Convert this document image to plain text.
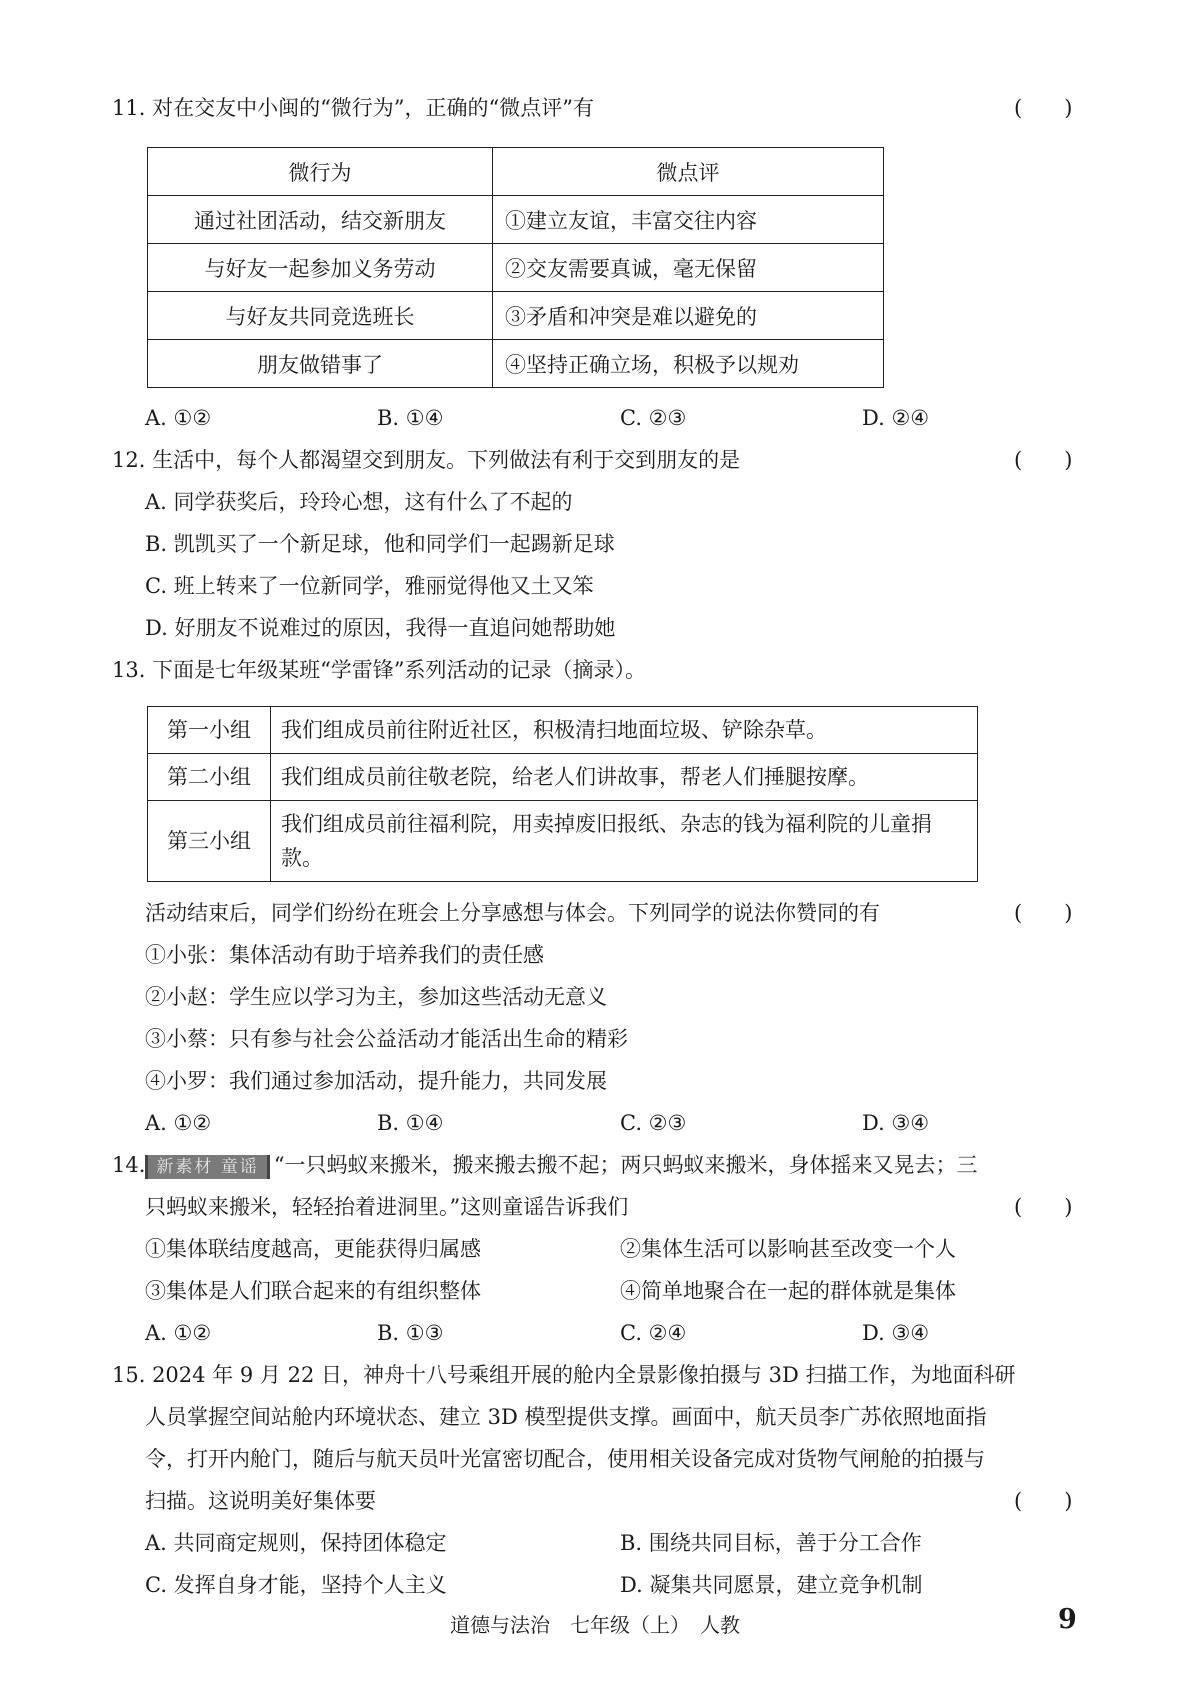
11. 对在交友中小闽的“微行为”，正确的“微点评”有	(　　)
微行为	微点评
通过社团活动，结交新朋友	①建立友谊，丰富交往内容
与好友一起参加义务劳动	②交友需要真诚，毫无保留
与好友共同竞选班长	③矛盾和冲突是难以避免的
朋友做错事了	④坚持正确立场，积极予以规劝
A. ①②	B. ①④	C. ②③	D. ②④
12. 生活中，每个人都渴望交到朋友。下列做法有利于交到朋友的是	(　　)
A. 同学获奖后，玲玲心想，这有什么了不起的
B. 凯凯买了一个新足球，他和同学们一起踢新足球
C. 班上转来了一位新同学，雅丽觉得他又土又笨
D. 好朋友不说难过的原因，我得一直追问她帮助她
13. 下面是七年级某班“学雷锋”系列活动的记录（摘录）。
第一小组	我们组成员前往附近社区，积极清扫地面垃圾、铲除杂草。
第二小组	我们组成员前往敬老院，给老人们讲故事，帮老人们捶腿按摩。
第三小组	我们组成员前往福利院，用卖掉废旧报纸、杂志的钱为福利院的儿童捐款。
活动结束后，同学们纷纷在班会上分享感想与体会。下列同学的说法你赞同的有	(　　)
①小张：集体活动有助于培养我们的责任感
②小赵：学生应以学习为主，参加这些活动无意义
③小蔡：只有参与社会公益活动才能活出生命的精彩
④小罗：我们通过参加活动，提升能力，共同发展
A. ①②	B. ①④	C. ②③	D. ③④
14. 新素材 童谣 “一只蚂蚁来搬米，搬来搬去搬不起；两只蚂蚁来搬米，身体摇来又晃去；三
只蚂蚁来搬米，轻轻抬着进洞里。”这则童谣告诉我们	(　　)
①集体联结度越高，更能获得归属感	②集体生活可以影响甚至改变一个人
③集体是人们联合起来的有组织整体	④简单地聚合在一起的群体就是集体
A. ①②	B. ①③	C. ②④	D. ③④
15. 2024 年 9 月 22 日，神舟十八号乘组开展的舱内全景影像拍摄与 3D 扫描工作，为地面科研
人员掌握空间站舱内环境状态、建立 3D 模型提供支撑。画面中，航天员李广苏依照地面指
令，打开内舱门，随后与航天员叶光富密切配合，使用相关设备完成对货物气闸舱的拍摄与
扫描。这说明美好集体要	(　　)
A. 共同商定规则，保持团体稳定	B. 围绕共同目标，善于分工合作
C. 发挥自身才能，坚持个人主义	D. 凝集共同愿景，建立竞争机制
道德与法治　七年级（上）　人教	9
